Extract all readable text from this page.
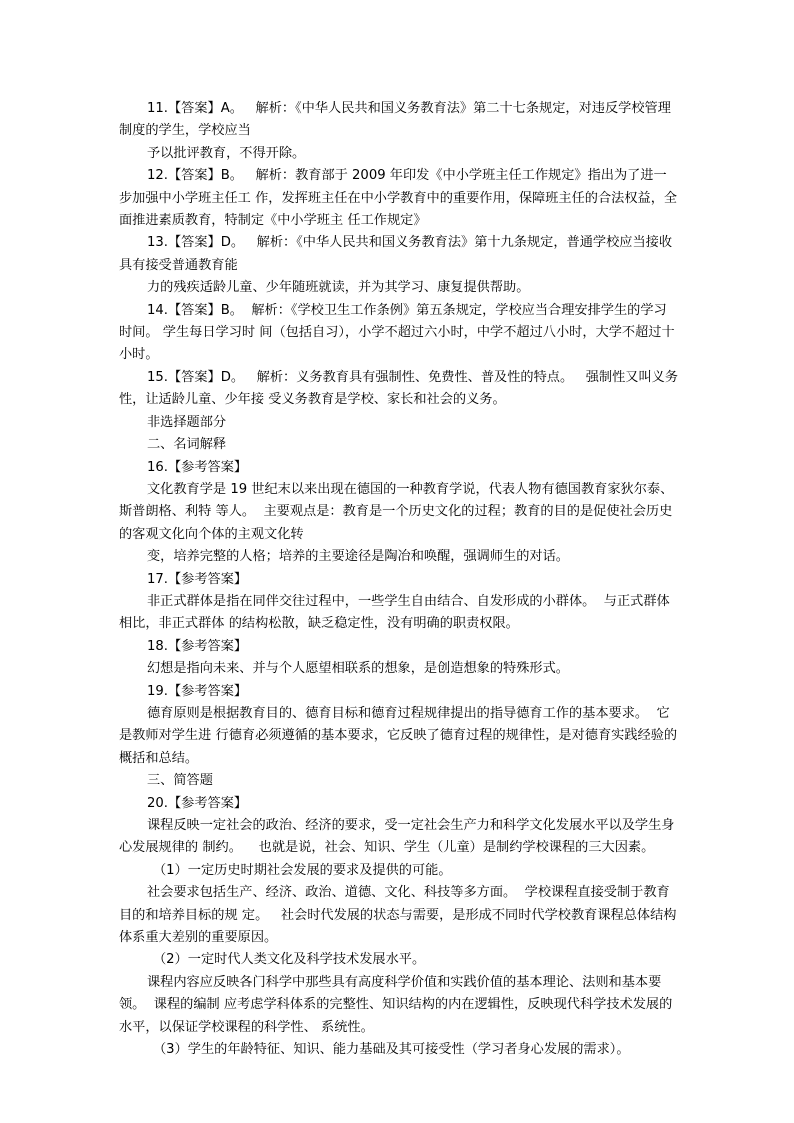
11.【答案】A。   解析：《中华人民共和国义务教育法》第二十七条规定，对违反学校管理制度的学生，学校应当

予以批评教育，不得开除。

12.【答案】B。   解析：教育部于 2009 年印发《中小学班主任工作规定》指出为了进一步加强中小学班主任工 作，发挥班主任在中小学教育中的重要作用，保障班主任的合法权益，全面推进素质教育，特制定《中小学班主 任工作规定》

13.【答案】D。   解析：《中华人民共和国义务教育法》第十九条规定，普通学校应当接收具有接受普通教育能

力的残疾适龄儿童、少年随班就读，并为其学习、康复提供帮助。

14.【答案】B。  解析：《学校卫生工作条例》第五条规定，学校应当合理安排学生的学习时间。 学生每日学习时 间（包括自习），小学不超过六小时，中学不超过八小时，大学不超过十小时。

15.【答案】D。   解析：义务教育具有强制性、免费性、普及性的特点。   强制性又叫义务性，让适龄儿童、少年接 受义务教育是学校、家长和社会的义务。

非选择题部分

二、名词解释

16.【参考答案】

文化教育学是 19 世纪末以来出现在德国的一种教育学说，代表人物有德国教育家狄尔泰、斯普朗格、利特 等人。  主要观点是：教育是一个历史文化的过程；教育的目的是促使社会历史的客观文化向个体的主观文化转

变，培养完整的人格；培养的主要途径是陶冶和唤醒，强调师生的对话。

17.【参考答案】

非正式群体是指在同伴交往过程中，一些学生自由结合、自发形成的小群体。  与正式群体相比，非正式群体 的结构松散，缺乏稳定性，没有明确的职责权限。

18.【参考答案】

幻想是指向未来、并与个人愿望相联系的想象，是创造想象的特殊形式。

19.【参考答案】

德育原则是根据教育目的、德育目标和德育过程规律提出的指导德育工作的基本要求。  它是教师对学生进 行德育必须遵循的基本要求，它反映了德育过程的规律性，是对德育实践经验的概括和总结。

三、简答题

20.【参考答案】

课程反映一定社会的政治、经济的要求，受一定社会生产力和科学文化发展水平以及学生身心发展规律的 制约。    也就是说，社会、知识、学生（儿童）是制约学校课程的三大因素。

（1）一定历史时期社会发展的要求及提供的可能。

社会要求包括生产、经济、政治、道德、文化、科技等多方面。  学校课程直接受制于教育目的和培养目标的规 定。   社会时代发展的状态与需要，是形成不同时代学校教育课程总体结构体系重大差别的重要原因。

（2）一定时代人类文化及科学技术发展水平。

课程内容应反映各门科学中那些具有高度科学价值和实践价值的基本理论、法则和基本要领。  课程的编制 应考虑学科体系的完整性、知识结构的内在逻辑性，反映现代科学技术发展的水平，以保证学校课程的科学性、 系统性。

（3）学生的年龄特征、知识、能力基础及其可接受性（学习者身心发展的需求）。
